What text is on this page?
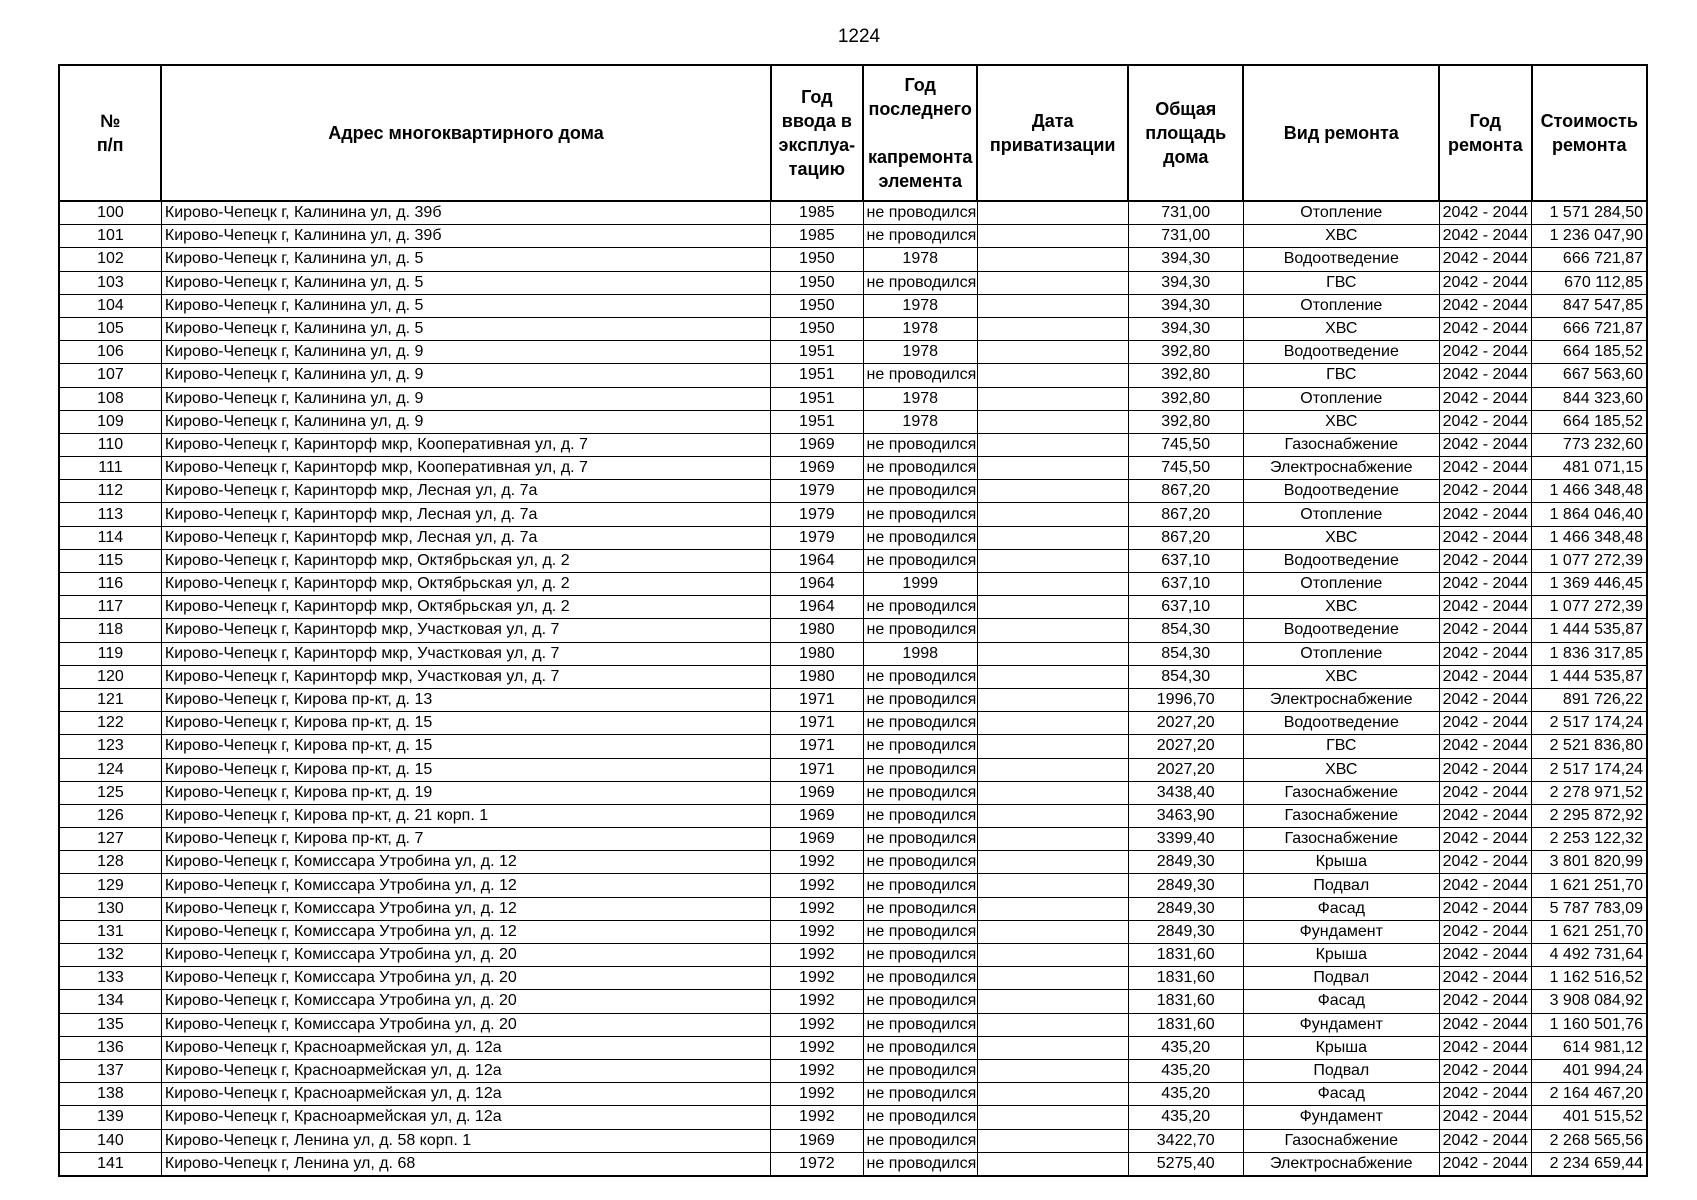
1224
№
п/п	Адрес многоквартирного дома	Год
ввода в
эксплуа-
тацию	Год
последнего

капремонта
элемента	Дата
приватизации	Общая
площадь
дома	Вид ремонта	Год
ремонта	Стоимость
ремонта

100	Кирово-Чепецк г, Калинина ул, д. 39б	1985	не проводился		731,00	Отопление	2042 - 2044	1 571 284,50
101	Кирово-Чепецк г, Калинина ул, д. 39б	1985	не проводился		731,00	ХВС	2042 - 2044	1 236 047,90
102	Кирово-Чепецк г, Калинина ул, д. 5	1950	1978		394,30	Водоотведение	2042 - 2044	666 721,87
103	Кирово-Чепецк г, Калинина ул, д. 5	1950	не проводился		394,30	ГВС	2042 - 2044	670 112,85
104	Кирово-Чепецк г, Калинина ул, д. 5	1950	1978		394,30	Отопление	2042 - 2044	847 547,85
105	Кирово-Чепецк г, Калинина ул, д. 5	1950	1978		394,30	ХВС	2042 - 2044	666 721,87
106	Кирово-Чепецк г, Калинина ул, д. 9	1951	1978		392,80	Водоотведение	2042 - 2044	664 185,52
107	Кирово-Чепецк г, Калинина ул, д. 9	1951	не проводился		392,80	ГВС	2042 - 2044	667 563,60
108	Кирово-Чепецк г, Калинина ул, д. 9	1951	1978		392,80	Отопление	2042 - 2044	844 323,60
109	Кирово-Чепецк г, Калинина ул, д. 9	1951	1978		392,80	ХВС	2042 - 2044	664 185,52
110	Кирово-Чепецк г, Каринторф мкр, Кооперативная ул, д. 7	1969	не проводился		745,50	Газоснабжение	2042 - 2044	773 232,60
111	Кирово-Чепецк г, Каринторф мкр, Кооперативная ул, д. 7	1969	не проводился		745,50	Электроснабжение	2042 - 2044	481 071,15
112	Кирово-Чепецк г, Каринторф мкр, Лесная ул, д. 7а	1979	не проводился		867,20	Водоотведение	2042 - 2044	1 466 348,48
113	Кирово-Чепецк г, Каринторф мкр, Лесная ул, д. 7а	1979	не проводился		867,20	Отопление	2042 - 2044	1 864 046,40
114	Кирово-Чепецк г, Каринторф мкр, Лесная ул, д. 7а	1979	не проводился		867,20	ХВС	2042 - 2044	1 466 348,48
115	Кирово-Чепецк г, Каринторф мкр, Октябрьская ул, д. 2	1964	не проводился		637,10	Водоотведение	2042 - 2044	1 077 272,39
116	Кирово-Чепецк г, Каринторф мкр, Октябрьская ул, д. 2	1964	1999		637,10	Отопление	2042 - 2044	1 369 446,45
117	Кирово-Чепецк г, Каринторф мкр, Октябрьская ул, д. 2	1964	не проводился		637,10	ХВС	2042 - 2044	1 077 272,39
118	Кирово-Чепецк г, Каринторф мкр, Участковая ул, д. 7	1980	не проводился		854,30	Водоотведение	2042 - 2044	1 444 535,87
119	Кирово-Чепецк г, Каринторф мкр, Участковая ул, д. 7	1980	1998		854,30	Отопление	2042 - 2044	1 836 317,85
120	Кирово-Чепецк г, Каринторф мкр, Участковая ул, д. 7	1980	не проводился		854,30	ХВС	2042 - 2044	1 444 535,87
121	Кирово-Чепецк г, Кирова пр-кт, д. 13	1971	не проводился		1996,70	Электроснабжение	2042 - 2044	891 726,22
122	Кирово-Чепецк г, Кирова пр-кт, д. 15	1971	не проводился		2027,20	Водоотведение	2042 - 2044	2 517 174,24
123	Кирово-Чепецк г, Кирова пр-кт, д. 15	1971	не проводился		2027,20	ГВС	2042 - 2044	2 521 836,80
124	Кирово-Чепецк г, Кирова пр-кт, д. 15	1971	не проводился		2027,20	ХВС	2042 - 2044	2 517 174,24
125	Кирово-Чепецк г, Кирова пр-кт, д. 19	1969	не проводился		3438,40	Газоснабжение	2042 - 2044	2 278 971,52
126	Кирово-Чепецк г, Кирова пр-кт, д. 21 корп. 1	1969	не проводился		3463,90	Газоснабжение	2042 - 2044	2 295 872,92
127	Кирово-Чепецк г, Кирова пр-кт, д. 7	1969	не проводился		3399,40	Газоснабжение	2042 - 2044	2 253 122,32
128	Кирово-Чепецк г, Комиссара Утробина ул, д. 12	1992	не проводился		2849,30	Крыша	2042 - 2044	3 801 820,99
129	Кирово-Чепецк г, Комиссара Утробина ул, д. 12	1992	не проводился		2849,30	Подвал	2042 - 2044	1 621 251,70
130	Кирово-Чепецк г, Комиссара Утробина ул, д. 12	1992	не проводился		2849,30	Фасад	2042 - 2044	5 787 783,09
131	Кирово-Чепецк г, Комиссара Утробина ул, д. 12	1992	не проводился		2849,30	Фундамент	2042 - 2044	1 621 251,70
132	Кирово-Чепецк г, Комиссара Утробина ул, д. 20	1992	не проводился		1831,60	Крыша	2042 - 2044	4 492 731,64
133	Кирово-Чепецк г, Комиссара Утробина ул, д. 20	1992	не проводился		1831,60	Подвал	2042 - 2044	1 162 516,52
134	Кирово-Чепецк г, Комиссара Утробина ул, д. 20	1992	не проводился		1831,60	Фасад	2042 - 2044	3 908 084,92
135	Кирово-Чепецк г, Комиссара Утробина ул, д. 20	1992	не проводился		1831,60	Фундамент	2042 - 2044	1 160 501,76
136	Кирово-Чепецк г, Красноармейская ул, д. 12а	1992	не проводился		435,20	Крыша	2042 - 2044	614 981,12
137	Кирово-Чепецк г, Красноармейская ул, д. 12а	1992	не проводился		435,20	Подвал	2042 - 2044	401 994,24
138	Кирово-Чепецк г, Красноармейская ул, д. 12а	1992	не проводился		435,20	Фасад	2042 - 2044	2 164 467,20
139	Кирово-Чепецк г, Красноармейская ул, д. 12а	1992	не проводился		435,20	Фундамент	2042 - 2044	401 515,52
140	Кирово-Чепецк г, Ленина ул, д. 58 корп. 1	1969	не проводился		3422,70	Газоснабжение	2042 - 2044	2 268 565,56
141	Кирово-Чепецк г, Ленина ул, д. 68	1972	не проводился		5275,40	Электроснабжение	2042 - 2044	2 234 659,44
